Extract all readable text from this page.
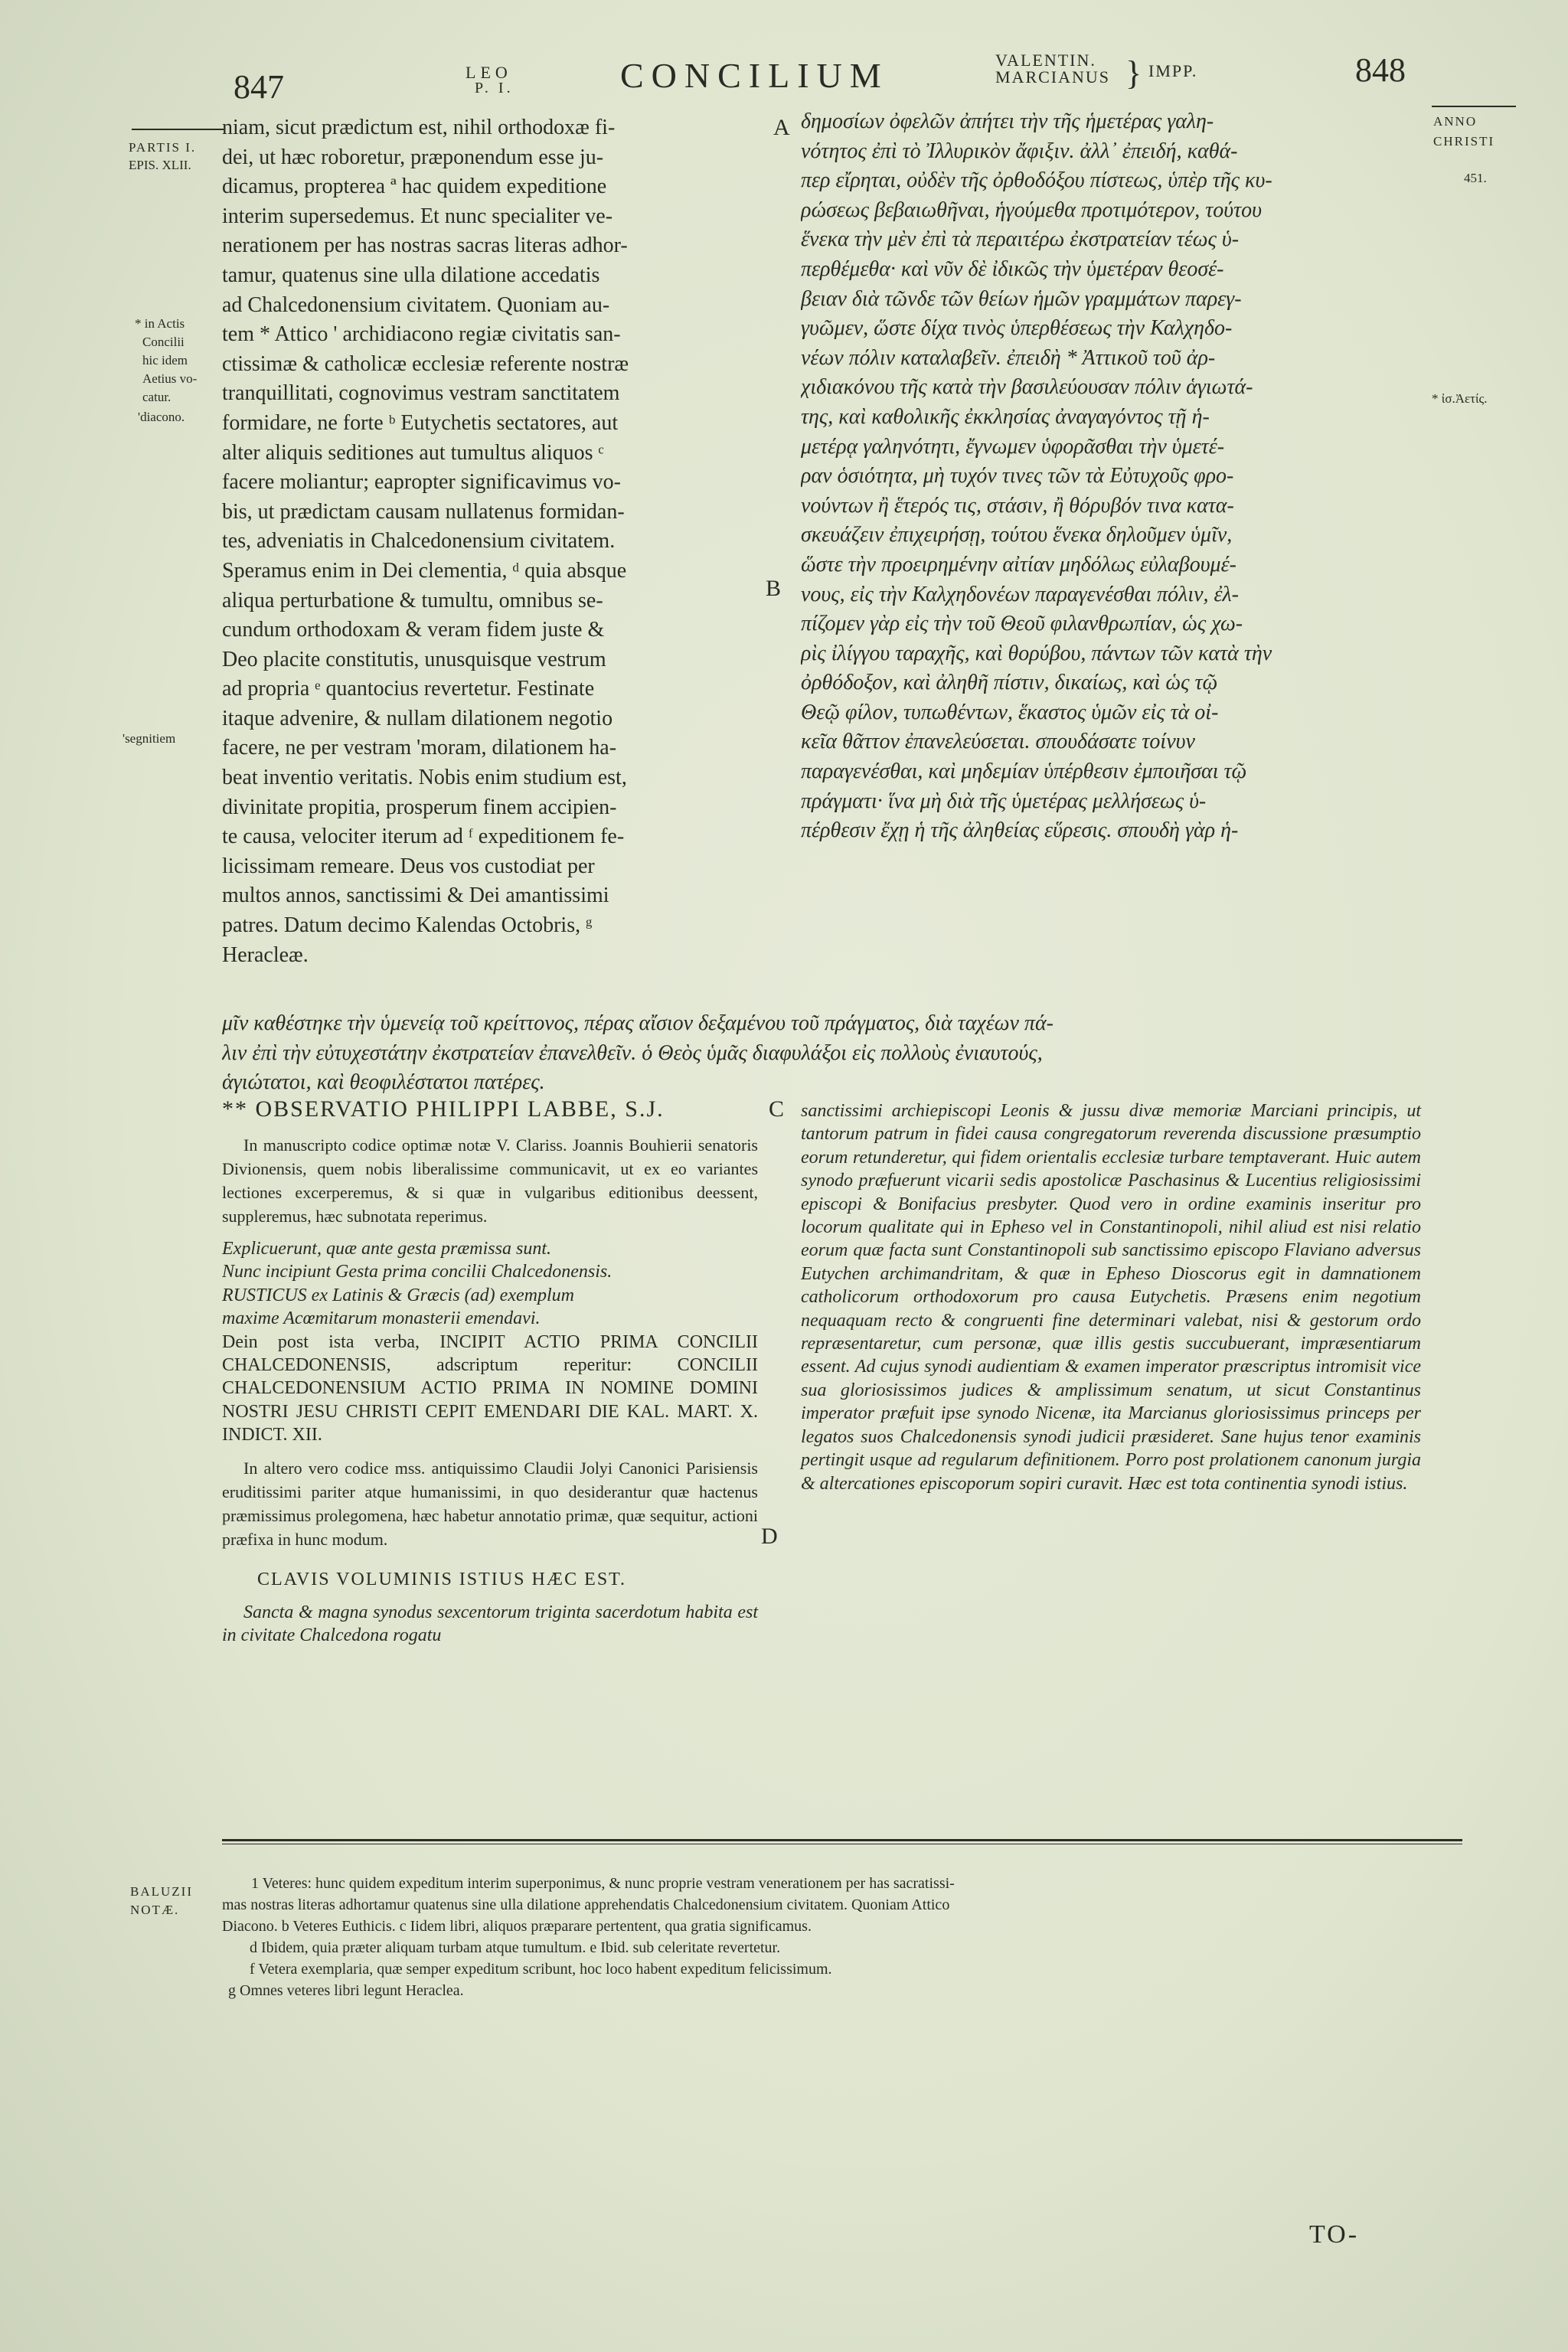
847	LEO
P. I.	CONCILIUM	VALENTIN.
MARCIANUS } IMPP.	848
PARTIS I.
EPIS. XLII.
* in Actis
Concilii
hic idem
Aetius vo-
catur.
'diacono.
'segnitiem
ANNO
CHRISTI
451.
* ἰσ.Ἀετίς.
A
B
C
D
niam, sicut prædictum est, nihil orthodoxæ fi-
dei, ut hæc roboretur, præponendum esse ju-
dicamus, propterea ª hac quidem expeditione
interim supersedemus. Et nunc specialiter ve-
nerationem per has nostras sacras literas adhor-
tamur, quatenus sine ulla dilatione accedatis
ad Chalcedonensium civitatem. Quoniam au-
tem * Attico ' archidiacono regiæ civitatis san-
ctissimæ & catholicæ ecclesiæ referente nostræ
tranquillitati, cognovimus vestram sanctitatem
formidare, ne forte ᵇ Eutychetis sectatores, aut
alter aliquis seditiones aut tumultus aliquos ᶜ
facere moliantur; eapropter significavimus vo-
bis, ut prædictam causam nullatenus formidan-
tes, adveniatis in Chalcedonensium civitatem.
Speramus enim in Dei clementia, ᵈ quia absque
aliqua perturbatione & tumultu, omnibus se-
cundum orthodoxam & veram fidem juste &
Deo placite constitutis, unusquisque vestrum
ad propria ᵉ quantocius revertetur. Festinate
itaque advenire, & nullam dilationem negotio
facere, ne per vestram 'moram, dilationem ha-
beat inventio veritatis. Nobis enim studium est,
divinitate propitia, prosperum finem accipien-
te causa, velociter iterum ad ᶠ expeditionem fe-
licissimam remeare. Deus vos custodiat per
multos annos, sanctissimi & Dei amantissimi
patres. Datum decimo Kalendas Octobris, ᵍ
Heracleæ.
δημοσίων ὀφελῶν ἀπήτει τὴν τῆς ἡμετέρας γαλη-
νότητος ἐπὶ τὸ Ἰλλυρικὸν ἄφιξιν. ἀλλ᾽ ἐπειδή, καθά-
περ εἴρηται, οὐδὲν τῆς ὀρθοδόξου πίστεως, ὑπὲρ τῆς κυ-
ρώσεως βεβαιωθῆναι, ἡγούμεθα προτιμότερον, τούτου
ἕνεκα τὴν μὲν ἐπὶ τὰ περαιτέρω ἐκστρατείαν τέως ὑ-
περθέμεθα· καὶ νῦν δὲ ἰδικῶς τὴν ὑμετέραν θεοσέ-
βειαν διὰ τῶνδε τῶν θείων ἡμῶν γραμμάτων παρεγ-
γυῶμεν, ὥστε δίχα τινὸς ὑπερθέσεως τὴν Καλχηδο-
νέων πόλιν καταλαβεῖν. ἐπειδὴ * Ἀττικοῦ τοῦ ἀρ-
χιδιακόνου τῆς κατὰ τὴν βασιλεύουσαν πόλιν ἁγιωτά-
της, καὶ καθολικῆς ἐκκλησίας ἀναγαγόντος τῇ ἡ-
μετέρᾳ γαληνότητι, ἔγνωμεν ὑφορᾶσθαι τὴν ὑμετέ-
ραν ὁσιότητα, μὴ τυχόν τινες τῶν τὰ Εὐτυχοῦς φρο-
νούντων ἢ ἕτερός τις, στάσιν, ἢ θόρυβόν τινα κατα-
σκευάζειν ἐπιχειρήσῃ, τούτου ἕνεκα δηλοῦμεν ὑμῖν,
ὥστε τὴν προειρημένην αἰτίαν μηδόλως εὐλαβουμέ-
νους, εἰς τὴν Καλχηδονέων παραγενέσθαι πόλιν, ἐλ-
πίζομεν γὰρ εἰς τὴν τοῦ Θεοῦ φιλανθρωπίαν, ὡς χω-
ρὶς ἰλίγγου ταραχῆς, καὶ θορύβου, πάντων τῶν κατὰ τὴν
ὀρθόδοξον, καὶ ἀληθῆ πίστιν, δικαίως, καὶ ὡς τῷ
Θεῷ φίλον, τυπωθέντων, ἕκαστος ὑμῶν εἰς τὰ οἰ-
κεῖα θᾶττον ἐπανελεύσεται. σπουδάσατε τοίνυν
παραγενέσθαι, καὶ μηδεμίαν ὑπέρθεσιν ἐμποιῆσαι τῷ
πράγματι· ἵνα μὴ διὰ τῆς ὑμετέρας μελλήσεως ὑ-
πέρθεσιν ἔχῃ ἡ τῆς ἀληθείας εὕρεσις. σπουδὴ γὰρ ἡ-
μῖν καθέστηκε τὴν ὑμενείᾳ τοῦ κρείττονος, πέρας αἴσιον δεξαμένου τοῦ πράγματος, διὰ ταχέων πά-
λιν ἐπὶ τὴν εὐτυχεστάτην ἐκστρατείαν ἐπανελθεῖν. ὁ Θεὸς ὑμᾶς διαφυλάξοι εἰς πολλοὺς ἐνιαυτούς,
ἁγιώτατοι, καὶ θεοφιλέστατοι πατέρες.
** OBSERVATIO PHILIPPI LABBE, S.J.

In manuscripto codice optimæ notæ V. Clariss. Joannis Bouhierii senatoris Divionensis, quem nobis liberalissime communicavit, ut ex eo variantes lectiones excerperemus, & si quæ in vulgaribus editionibus deessent, suppleremus, hæc subnotata reperimus.

Explicuerunt, quæ ante gesta præmissa sunt.
Nunc incipiunt Gesta prima concilii Chalcedonensis.
RUSTICUS ex Latinis & Græcis (ad) exemplum
maxime Acœmitarum monasterii emendavi.

Dein post ista verba, INCIPIT ACTIO PRIMA CONCILII CHALCEDONENSIS, adscriptum reperitur: CONCILII CHALCEDONENSIUM ACTIO PRIMA IN NOMINE DOMINI NOSTRI JESU CHRISTI CEPIT EMENDARI DIE KAL. MART. X. INDICT. XII.

In altero vero codice mss. antiquissimo Claudii Jolyi Canonici Parisiensis eruditissimi pariter atque humanissimi, in quo desiderantur quæ hactenus præmissimus prolegomena, hæc habetur annotatio primæ, quæ sequitur, actioni præfixa in hunc modum.

CLAVIS VOLUMINIS ISTIUS HÆC EST.

Sancta & magna synodus sexcentorum triginta sacerdotum habita est in civitate Chalcedona rogatu

sanctissimi archiepiscopi Leonis & jussu divæ memoriæ Marciani principis, ut tantorum patrum in fidei causa congregatorum reverenda discussione præsumptio eorum retunderetur, qui fidem orientalis ecclesiæ turbare temptaverant. Huic autem synodo præfuerunt vicarii sedis apostolicæ Paschasinus & Lucentius religiosissimi episcopi & Bonifacius presbyter. Quod vero in ordine examinis inseritur pro locorum qualitate qui in Epheso vel in Constantinopoli, nihil aliud est nisi relatio eorum quæ facta sunt Constantinopoli sub sanctissimo episcopo Flaviano adversus Eutychen archimandritam, & quæ in Epheso Dioscorus egit in damnationem catholicorum orthodoxorum pro causa Eutychetis. Præsens enim negotium nequaquam recto & congruenti fine determinari valebat, nisi & gestorum ordo repræsentaretur, cum personæ, quæ illis gestis succubuerant, impræsentiarum essent. Ad cujus synodi audientiam & examen imperator præscriptus intromisit vice sua gloriosissimos judices & amplissimum senatum, ut sicut Constantinus imperator præfuit ipse synodo Nicenæ, ita Marcianus gloriosissimus princeps per legatos suos Chalcedonensis synodi judicii præsideret. Sane hujus tenor examinis pertingit usque ad regularum definitionem. Porro post prolationem canonum jurgia & altercationes episcoporum sopiri curavit. Hæc est tota continentia synodi istius.

BALUZII
NOTÆ.
1 Veteres: hunc quidem expeditum interim superponimus, & nunc proprie vestram venerationem per has sacratissi-
mas nostras literas adhortamur quatenus sine ulla dilatione apprehendatis Chalcedonensium civitatem. Quoniam Attico
Diacono. b Veteres Euthicis. c Iidem libri, aliquos præparare pertentent, qua gratia significamus.
d Ibidem, quia præter aliquam turbam atque tumultum. e Ibid. sub celeritate revertetur.
f Vetera exemplaria, quæ semper expeditum scribunt, hoc loco habent expeditum felicissimum.
g Omnes veteres libri legunt Heraclea.
TO-
